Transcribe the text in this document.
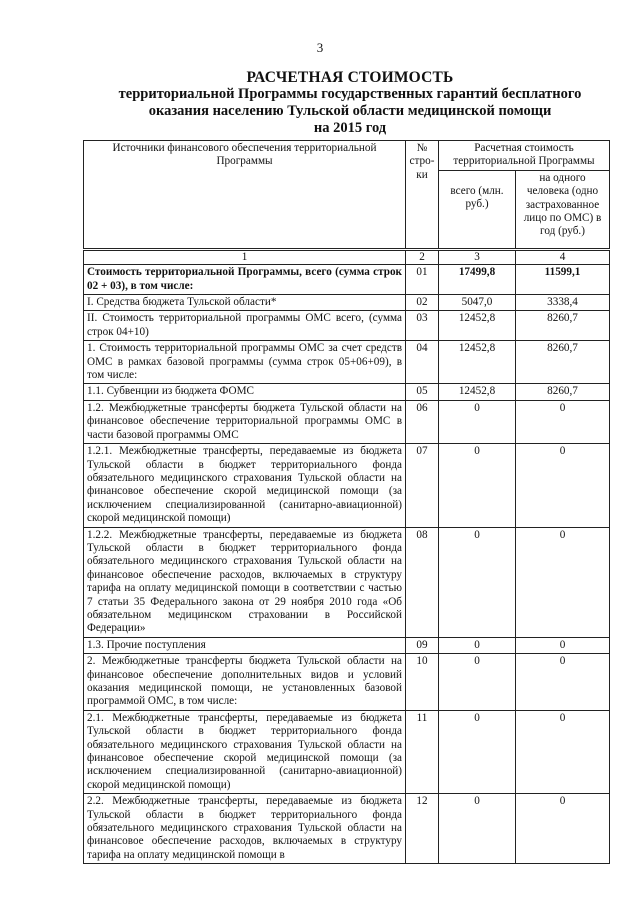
3
РАСЧЕТНАЯ СТОИМОСТЬ
территориальной Программы государственных гарантий бесплатного
оказания населению Тульской области медицинской помощи
на 2015 год
Источники финансового обеспечения территориальной Программы	№ стро-ки	Расчетная стоимость территориальной Программы	
		всего (млн. руб.)	на одного человека (одно застрахованное лицо по ОМС) в год (руб.)
1	2	3	4
Стоимость территориальной Программы, всего (сумма строк 02 + 03), в том числе:	01	17499,8	11599,1
I. Средства бюджета Тульской области*	02	5047,0	3338,4
II. Стоимость территориальной программы ОМС всего, (сумма строк 04+10)	03	12452,8	8260,7
1. Стоимость территориальной программы ОМС за счет средств ОМС в рамках базовой программы (сумма строк 05+06+09), в том числе:	04	12452,8	8260,7
1.1. Субвенции из бюджета ФОМС	05	12452,8	8260,7
1.2. Межбюджетные трансферты бюджета Тульской области на финансовое обеспечение территориальной программы ОМС в части базовой программы ОМС	06	0	0
1.2.1. Межбюджетные трансферты, передаваемые из бюджета Тульской области в бюджет территориального фонда обязательного медицинского страхования Тульской области на финансовое обеспечение скорой медицинской помощи (за исключением специализированной (санитарно-авиационной) скорой медицинской помощи)	07	0	0
1.2.2. Межбюджетные трансферты, передаваемые из бюджета Тульской области в бюджет территориального фонда обязательного медицинского страхования Тульской области на финансовое обеспечение расходов, включаемых в структуру тарифа на оплату медицинской помощи в соответствии с частью 7 статьи 35 Федерального закона от 29 ноября 2010 года «Об обязательном медицинском страховании в Российской Федерации»	08	0	0
1.3. Прочие поступления	09	0	0
2. Межбюджетные трансферты бюджета Тульской области на финансовое обеспечение дополнительных видов и условий оказания медицинской помощи, не установленных базовой программой ОМС, в том числе:	10	0	0
2.1. Межбюджетные трансферты, передаваемые из бюджета Тульской области в бюджет территориального фонда обязательного медицинского страхования Тульской области на финансовое обеспечение скорой медицинской помощи (за исключением специализированной (санитарно-авиационной) скорой медицинской помощи)	11	0	0
2.2. Межбюджетные трансферты, передаваемые из бюджета Тульской области в бюджет территориального фонда обязательного медицинского страхования Тульской области на финансовое обеспечение расходов, включаемых в структуру тарифа на оплату медицинской помощи в	12	0	0
